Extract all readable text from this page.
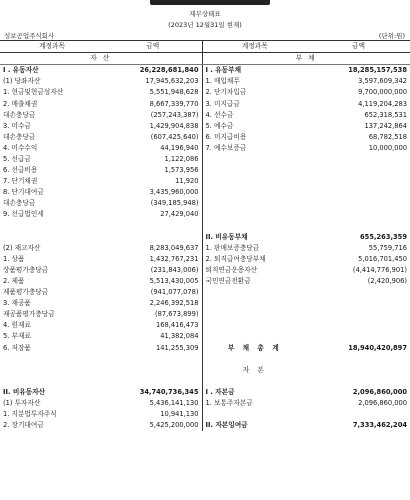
재무상태표
(2023년 12월31일 현재)
성보공업주식회사	(단위:원)
계정과목	금액	계정과목	금액
자 산		부 채	
I . 유동자산	26,228,681,840	I . 유동부채	18,285,157,538
(1) 당좌자산	17,945,632,203	1. 매입채무	3,597,609,342
1. 현금및현금성자산	5,551,948,628	2. 단기차입금	9,700,000,000
2. 매출채권	8,667,339,770	3. 미지급금	4,119,204,283
대손충당금	(257,243,387)	4. 선수금	652,318,531
3. 미수금	1,429,904,838	5. 예수금	137,242,864
대손충당금	(607,425,640)	6. 미지급비용	68,782,518
4. 미수수익	44,196,940	7. 예수보증금	10,000,000
5. 선급금	1,122,086		
6. 선급비용	1,573,956		
7. 단기채권	11,920		
8. 단기대여금	3,435,960,000		
대손충당금	(349,185,948)		
9. 선급법인세	27,429,040		

		II. 비유동부채	655,263,359
(2) 재고자산	8,283,049,637	1. 판매보증충당금	55,759,716
1. 상품	1,432,767,231	2. 퇴직급여충당부채	5,016,701,450
상품평가충당금	(231,843,006)	퇴직연금운용자산	(4,414,776,901)
2. 제품	5,513,430,005	국민연금전환금	(2,420,906)
제품평가충당금	(941,077,078)		
3. 재공품	2,246,392,518		
재공품평가충당금	(87,673,899)		
4. 원재료	168,416,473		
5. 부재료	41,382,084		
6. 저장품	141,255,309	부 채 총 계	18,940,420,897

		자 본	

II. 비유동자산	34,740,736,345	I . 자본금	2,096,860,000
(1) 투자자산	5,436,141,130	1. 보통주자본금	2,096,860,000
1. 지분법투자주식	10,941,130		
2. 장기대여금	5,425,200,000	II. 자본잉여금	7,333,462,204
